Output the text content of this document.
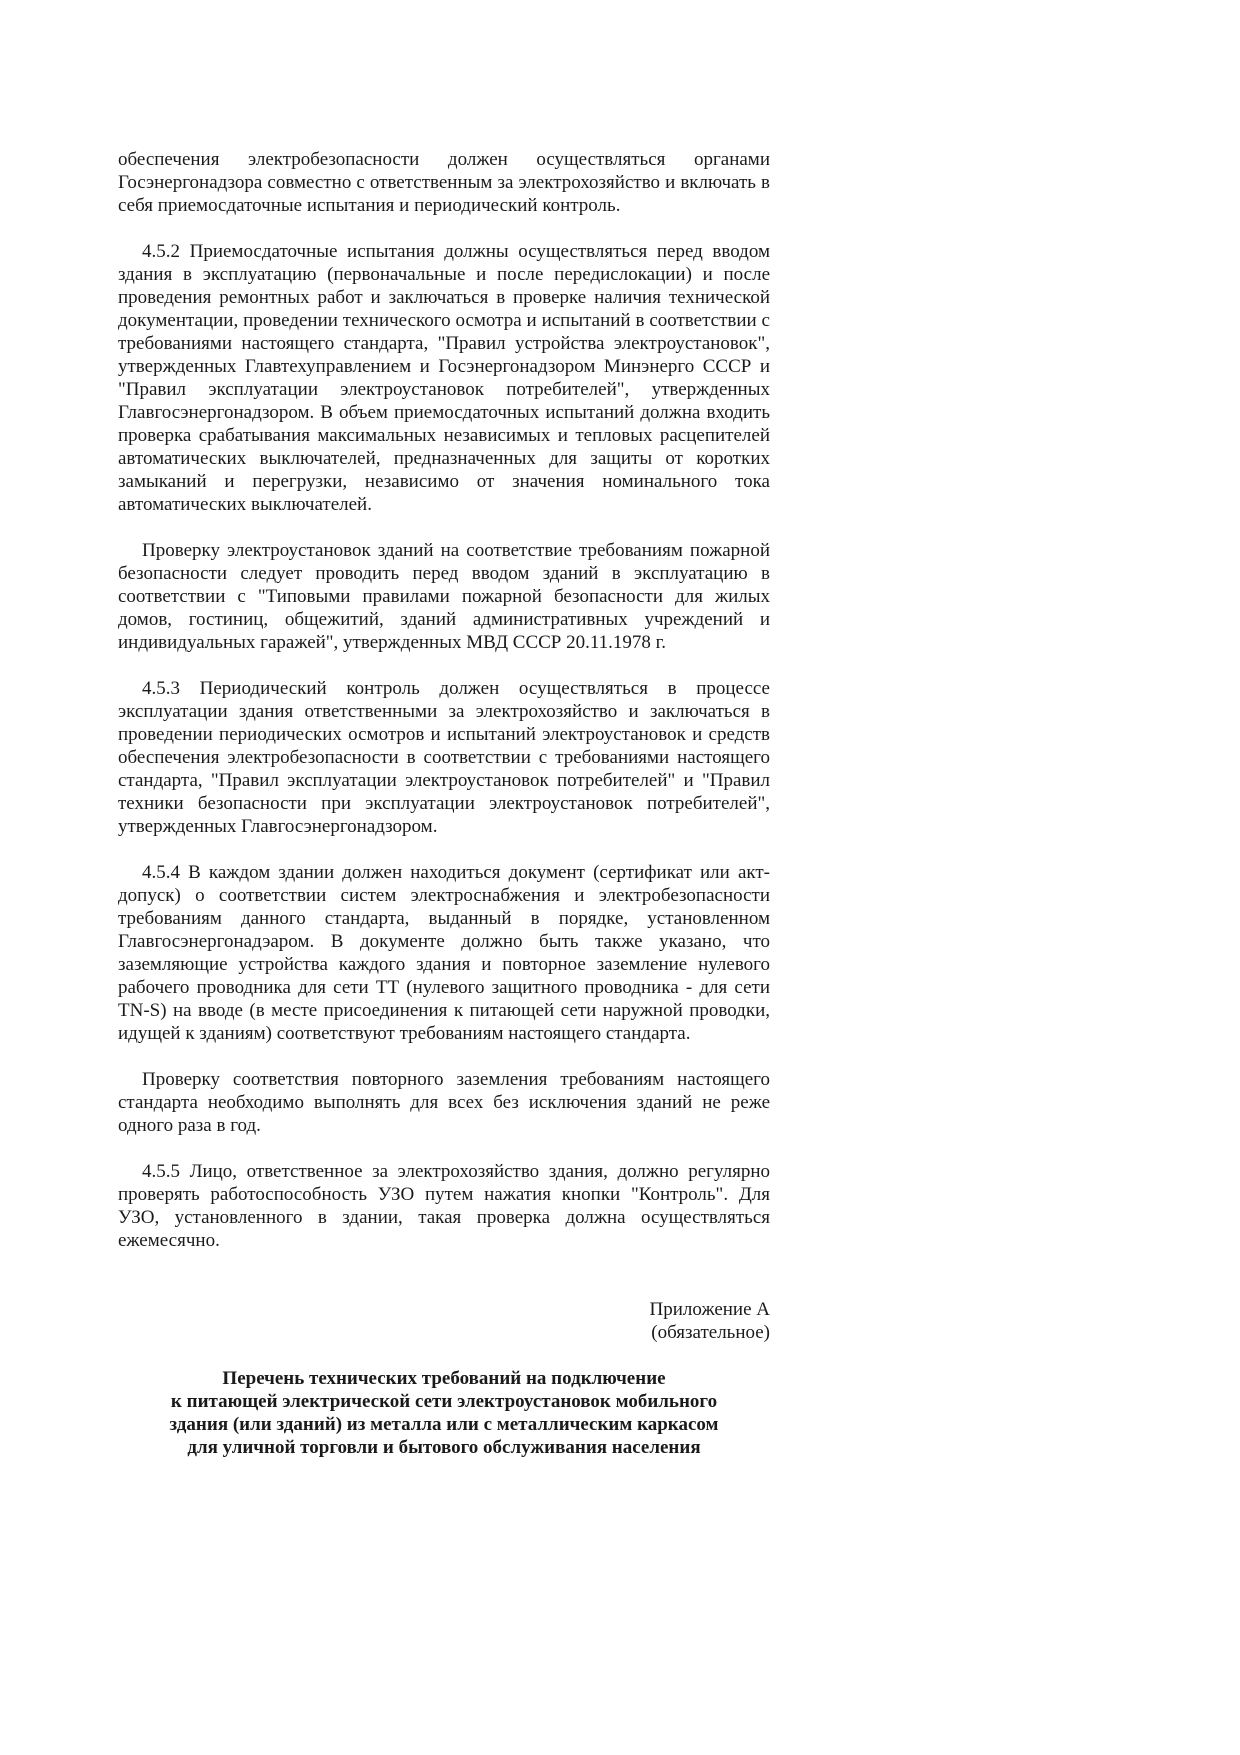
обеспечения электробезопасности должен осуществляться органами Госэнергонадзора совместно с ответственным за электрохозяйство и включать в себя приемосдаточные испытания и периодический контроль.

4.5.2 Приемосдаточные испытания должны осуществляться перед вводом здания в эксплуатацию (первоначальные и после передислокации) и после проведения ремонтных работ и заключаться в проверке наличия технической документации, проведении технического осмотра и испытаний в соответствии с требованиями настоящего стандарта, "Правил устройства электроустановок", утвержденных Главтехуправлением и Госэнергонадзором Минэнерго СССР и "Правил эксплуатации электроустановок потребителей", утвержденных Главгосэнергонадзором. В объем приемосдаточных испытаний должна входить проверка срабатывания максимальных независимых и тепловых расцепителей автоматических выключателей, предназначенных для защиты от коротких замыканий и перегрузки, независимо от значения номинального тока автоматических выключателей.

Проверку электроустановок зданий на соответствие требованиям пожарной безопасности следует проводить перед вводом зданий в эксплуатацию в соответствии с "Типовыми правилами пожарной безопасности для жилых домов, гостиниц, общежитий, зданий административных учреждений и индивидуальных гаражей", утвержденных МВД СССР 20.11.1978 г.

4.5.3 Периодический контроль должен осуществляться в процессе эксплуатации здания ответственными за электрохозяйство и заключаться в проведении периодических осмотров и испытаний электроустановок и средств обеспечения электробезопасности в соответствии с требованиями настоящего стандарта, "Правил эксплуатации электроустановок потребителей" и "Правил техники безопасности при эксплуатации электроустановок потребителей", утвержденных Главгосэнергонадзором.

4.5.4 В каждом здании должен находиться документ (сертификат или акт-допуск) о соответствии систем электроснабжения и электробезопасности требованиям данного стандарта, выданный в порядке, установленном Главгосэнергонадэаром. В документе должно быть также указано, что заземляющие устройства каждого здания и повторное заземление нулевого рабочего проводника для сети ТТ (нулевого защитного проводника - для сети TN-S) на вводе (в месте присоединения к питающей сети наружной проводки, идущей к зданиям) соответствуют требованиям настоящего стандарта.

Проверку соответствия повторного заземления требованиям настоящего стандарта необходимо выполнять для всех без исключения зданий не реже одного раза в год.

4.5.5 Лицо, ответственное за электрохозяйство здания, должно регулярно проверять работоспособность УЗО путем нажатия кнопки "Контроль". Для УЗО, установленного в здании, такая проверка должна осуществляться ежемесячно.

Приложение А
(обязательное)
Перечень технических требований на подключение
к питающей электрической сети электроустановок мобильного
здания (или зданий) из металла или с металлическим каркасом
для уличной торговли и бытового обслуживания населения
